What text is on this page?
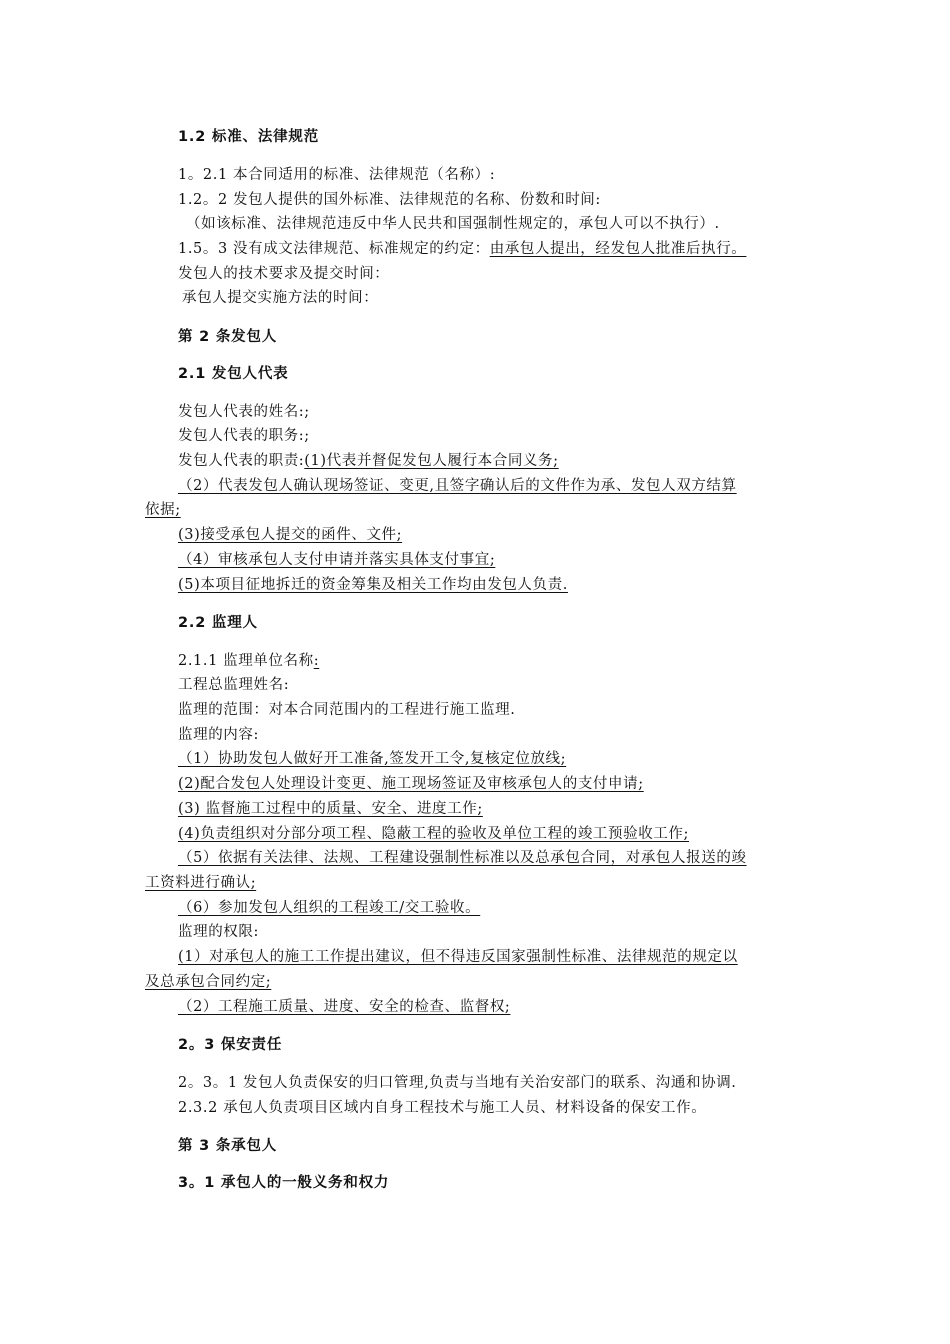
1.2 标准、法律规范
1。2.1 本合同适用的标准、法律规范（名称）:
1.2。2 发包人提供的国外标准、法律规范的名称、份数和时间:
（如该标准、法律规范违反中华人民共和国强制性规定的，承包人可以不执行）.
1.5。3 没有成文法律规范、标准规定的约定：由承包人提出，经发包人批准后执行。
发包人的技术要求及提交时间：
承包人提交实施方法的时间：
第 2 条发包人
2.1 发包人代表
发包人代表的姓名:;
发包人代表的职务:;
发包人代表的职责:(1)代表并督促发包人履行本合同义务;
（2）代表发包人确认现场签证、变更,且签字确认后的文件作为承、发包人双方结算
依据;
(3)接受承包人提交的函件、文件;
（4）审核承包人支付申请并落实具体支付事宜;
(5)本项目征地拆迁的资金筹集及相关工作均由发包人负责.
2.2 监理人
2.1.1 监理单位名称:
工程总监理姓名:
监理的范围：对本合同范围内的工程进行施工监理.
监理的内容:
（1）协助发包人做好开工准备,签发开工令,复核定位放线;
(2)配合发包人处理设计变更、施工现场签证及审核承包人的支付申请;
(3) 监督施工过程中的质量、安全、进度工作;
(4)负责组织对分部分项工程、隐蔽工程的验收及单位工程的竣工预验收工作;
（5）依据有关法律、法规、工程建设强制性标准以及总承包合同，对承包人报送的竣
工资料进行确认;
（6）参加发包人组织的工程竣工/交工验收。
监理的权限:
(1）对承包人的施工工作提出建议，但不得违反国家强制性标准、法律规范的规定以
及总承包合同约定;
（2）工程施工质量、进度、安全的检查、监督权;
2。3 保安责任
2。3。1 发包人负责保安的归口管理,负责与当地有关治安部门的联系、沟通和协调.
2.3.2 承包人负责项目区域内自身工程技术与施工人员、材料设备的保安工作。
第 3 条承包人
3。1 承包人的一般义务和权力
